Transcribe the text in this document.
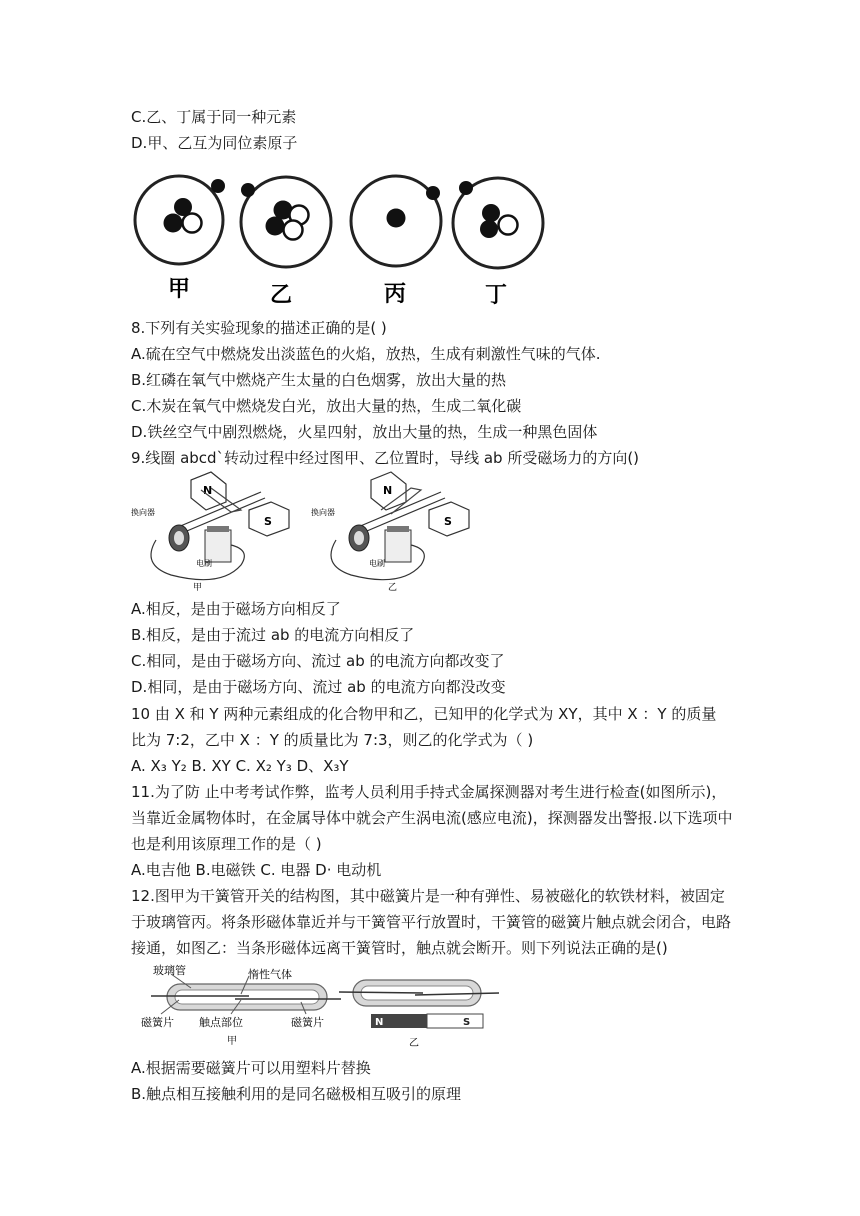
C.乙、丁属于同一种元素
D.甲、乙互为同位素原子
甲	乙	丙	丁
8.下列有关实验现象的描述正确的是( )
A.硫在空气中燃烧发出淡蓝色的火焰，放热，生成有刺激性气味的气体.
B.红磷在氧气中燃烧产生太量的白色烟雾，放出大量的热
C.木炭在氧气中燃烧发白光，放出大量的热，生成二氧化碳
D.铁丝空气中剧烈燃烧，火星四射，放出大量的热，生成一种黑色固体
9.线圈 abcd`转动过程中经过图甲、乙位置时，导线 ab 所受磁场力的方向()
N
S
换向器
电刷
甲
N
S
换向器
电刷
乙
A.相反，是由于磁场方向相反了
B.相反，是由于流过 ab 的电流方向相反了
C.相同，是由于磁场方向、流过 ab 的电流方向都改变了
D.相同，是由于磁场方向、流过 ab 的电流方向都没改变
10 由 X 和 Y 两种元素组成的化合物甲和乙，已知甲的化学式为 XY，其中 X ：Y 的质量
比为 7:2，乙中 X ：Y 的质量比为 7:3，则乙的化学式为（ )
A. X₃ Y₂ B. XY C. X₂ Y₃ D、X₃Y
11.为了防 止中考考试作弊，监考人员利用手持式金属探测器对考生进行检查(如图所示)，
当靠近金属物体时，在金属导体中就会产生涡电流(感应电流)，探测器发出警报.以下选项中
也是利用该原理工作的是（ )
A.电吉他 B.电磁铁 C. 电器 D· 电动机
12.图甲为干簧管开关的结构图，其中磁簧片是一种有弹性、易被磁化的软铁材料，被固定
于玻璃管丙。将条形磁体靠近并与干簧管平行放置时，干簧管的磁簧片触点就会闭合，电路
接通，如图乙：当条形磁体远离干簧管时，触点就会断开。则下列说法正确的是()
玻璃管	惰性气体
磁簧片 触点部位	磁簧片
甲
N	S
乙
A.根据需要磁簧片可以用塑料片替换
B.触点相互接触利用的是同名磁极相互吸引的原理
